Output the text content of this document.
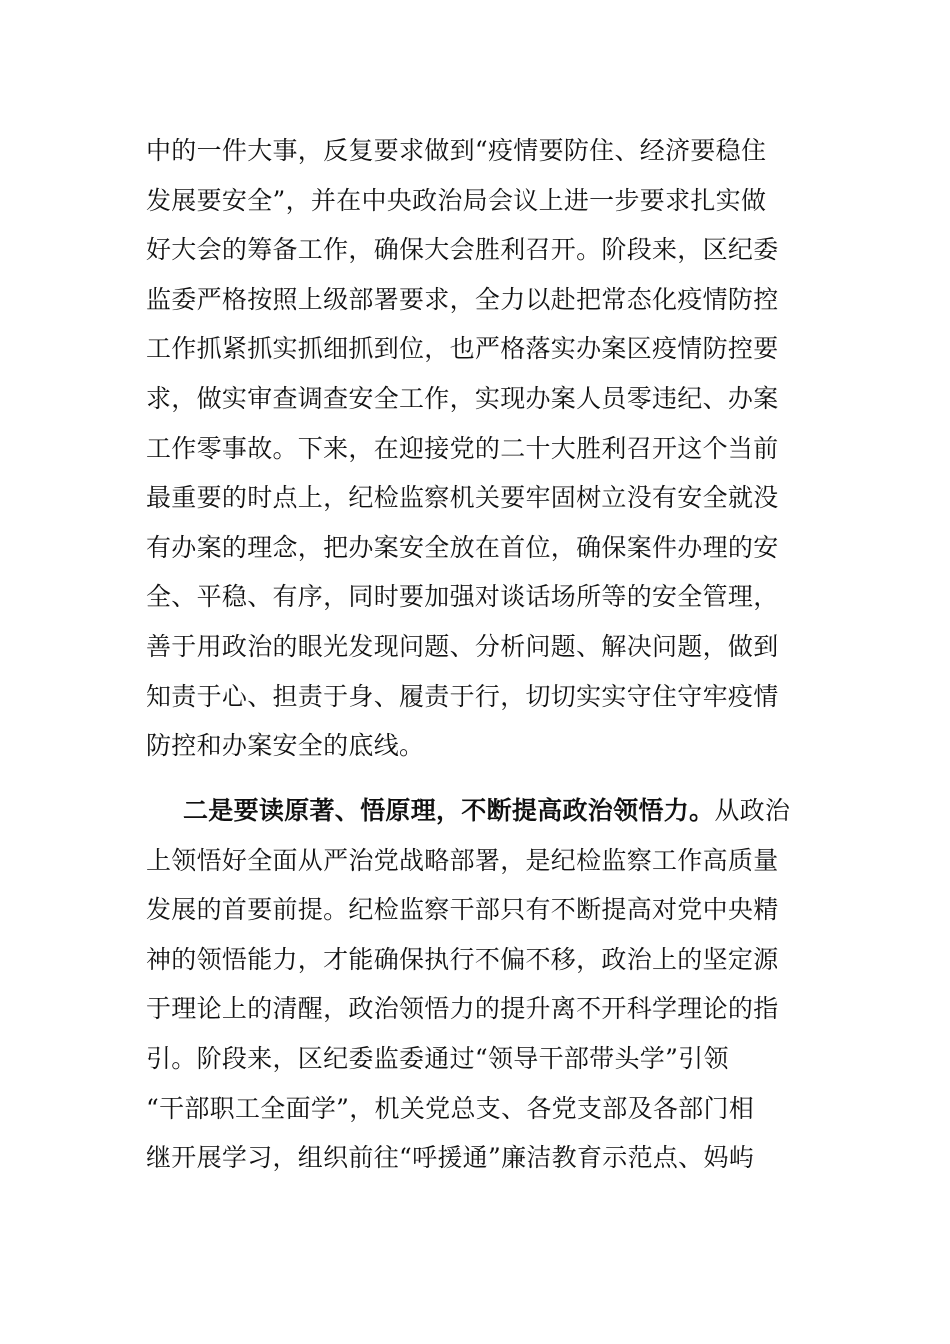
中的一件大事，反复要求做到“疫情要防住、经济要稳住
发展要安全”，并在中央政治局会议上进一步要求扎实做
好大会的筹备工作，确保大会胜利召开。阶段来，区纪委
监委严格按照上级部署要求，全力以赴把常态化疫情防控
工作抓紧抓实抓细抓到位，也严格落实办案区疫情防控要
求，做实审查调查安全工作，实现办案人员零违纪、办案
工作零事故。下来，在迎接党的二十大胜利召开这个当前
最重要的时点上，纪检监察机关要牢固树立没有安全就没
有办案的理念，把办案安全放在首位，确保案件办理的安
全、平稳、有序，同时要加强对谈话场所等的安全管理，
善于用政治的眼光发现问题、分析问题、解决问题，做到
知责于心、担责于身、履责于行，切切实实守住守牢疫情
防控和办案安全的底线。
二是要读原著、悟原理，不断提高政治领悟力。从政治
上领悟好全面从严治党战略部署，是纪检监察工作高质量
发展的首要前提。纪检监察干部只有不断提高对党中央精
神的领悟能力，才能确保执行不偏不移，政治上的坚定源
于理论上的清醒，政治领悟力的提升离不开科学理论的指
引。阶段来，区纪委监委通过“领导干部带头学”引领
“干部职工全面学”，机关党总支、各党支部及各部门相
继开展学习，组织前往“呼援通”廉洁教育示范点、妈屿
